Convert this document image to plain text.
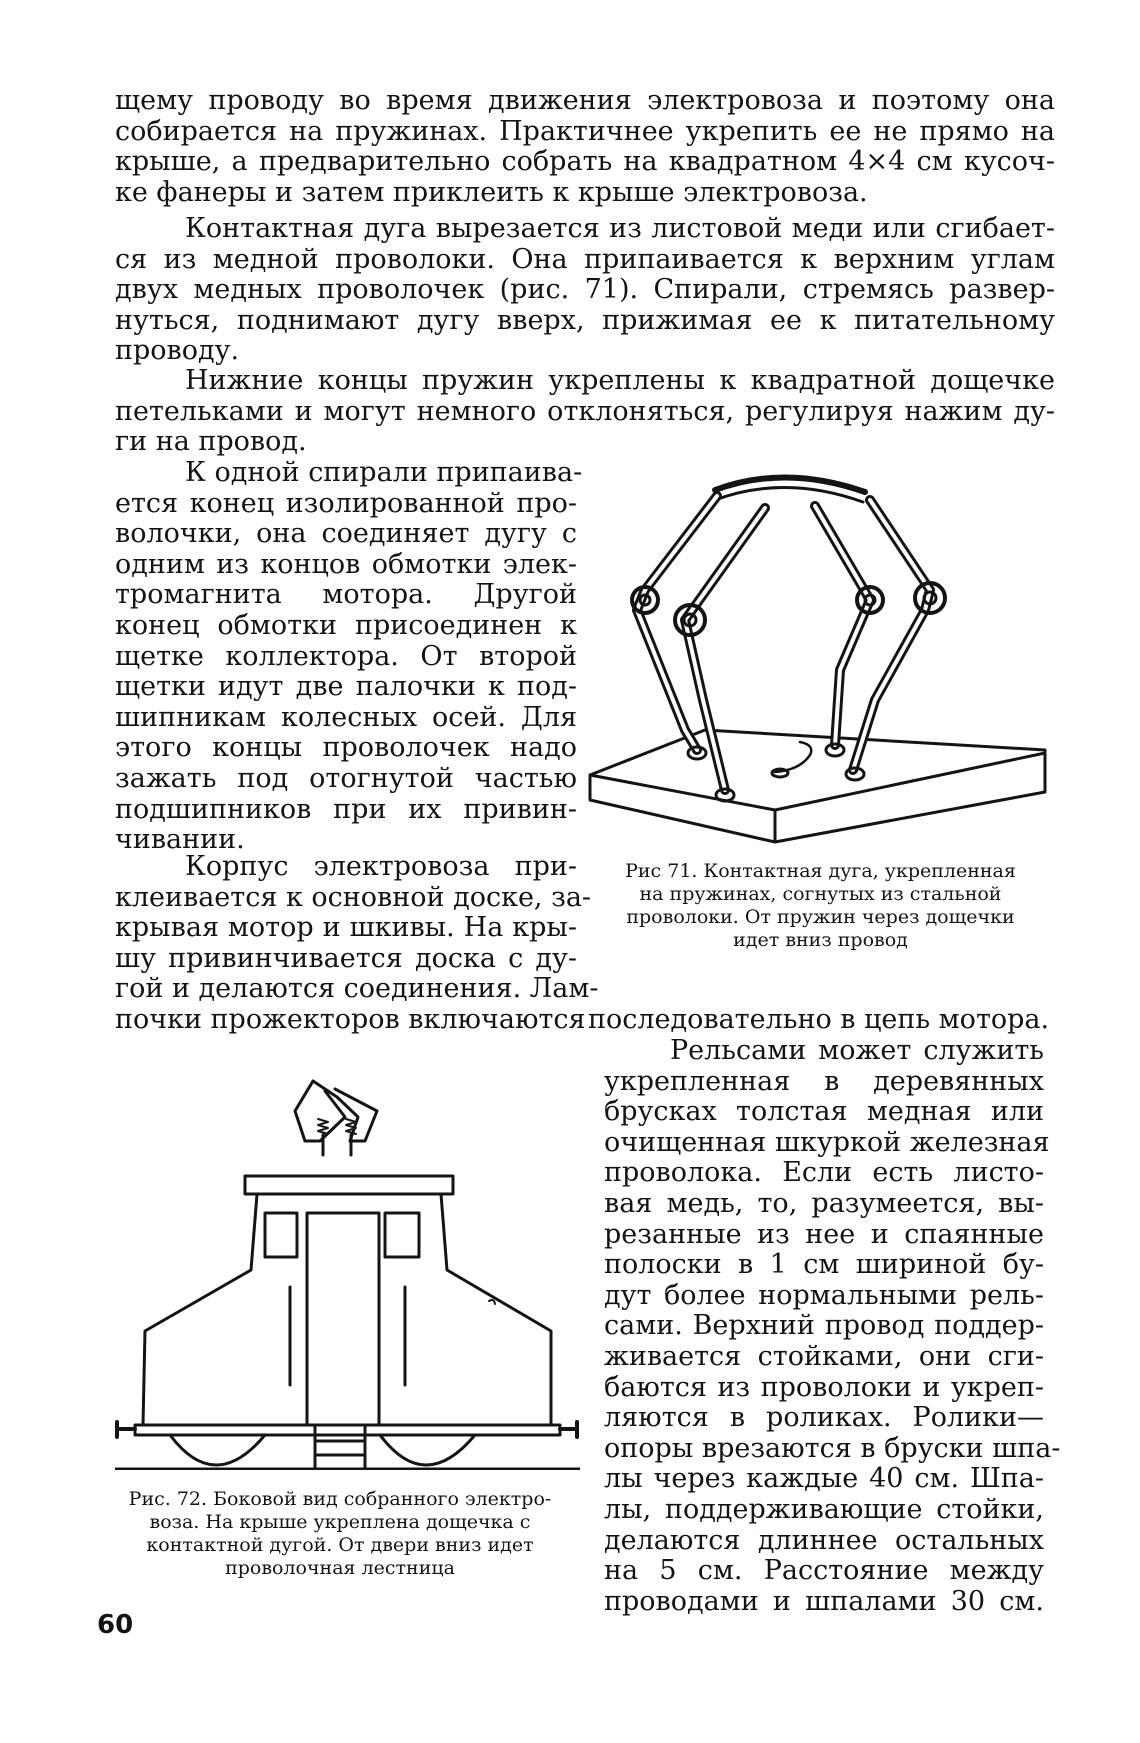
щему проводу во время движения электровоза и поэтому она
собирается на пружинах. Практичнее укрепить ее не прямо на
крыше, а предварительно собрать на квадратном 4×4 см кусоч-
ке фанеры и затем приклеить к крыше электровоза.
Контактная дуга вырезается из листовой меди или сгибает-
ся из медной проволоки. Она припаивается к верхним углам
двух медных проволочек (рис. 71). Спирали, стремясь развер-
нуться, поднимают дугу вверх, прижимая ее к питательному
проводу.
Нижние концы пружин укреплены к квадратной дощечке
петельками и могут немного отклоняться, регулируя нажим ду-
ги на провод.
К одной спирали припаива-
ется конец изолированной про-
волочки, она соединяет дугу с
одним из концов обмотки элек-
тромагнита мотора. Другой
конец обмотки присоединен к
щетке коллектора. От второй
щетки идут две палочки к под-
шипникам колесных осей. Для
этого концы проволочек надо
зажать под отогнутой частью
подшипников при их привин-
чивании.
Корпус электровоза при-
клеивается к основной доске, за-
крывая мотор и шкивы. На кры-
шу привинчивается доска с ду-
гой и делаются соединения. Лам-
почки прожекторов включаются последовательно в цепь мотора.
Рельсами может служить
укрепленная в деревянных
брусках толстая медная или
очищенная шкуркой железная
проволока. Если есть листо-
вая медь, то, разумеется, вы-
резанные из нее и спаянные
полоски в 1 см шириной бу-
дут более нормальными рель-
сами. Верхний провод поддер-
живается стойками, они сги-
баются из проволоки и укреп-
ляются в роликах. Ролики—
опоры врезаются в бруски шпа-
лы через каждые 40 см. Шпа-
лы, поддерживающие стойки,
делаются длиннее остальных
на 5 см. Расстояние между
проводами и шпалами 30 см.
Рис 71. Контактная дуга, укрепленная
на пружинах, согнутых из стальной
проволоки. От пружин через дощечки
идет вниз провод
Рис. 72. Боковой вид собранного электро-
воза. На крыше укреплена дощечка с
контактной дугой. От двери вниз идет
проволочная лестница
60
